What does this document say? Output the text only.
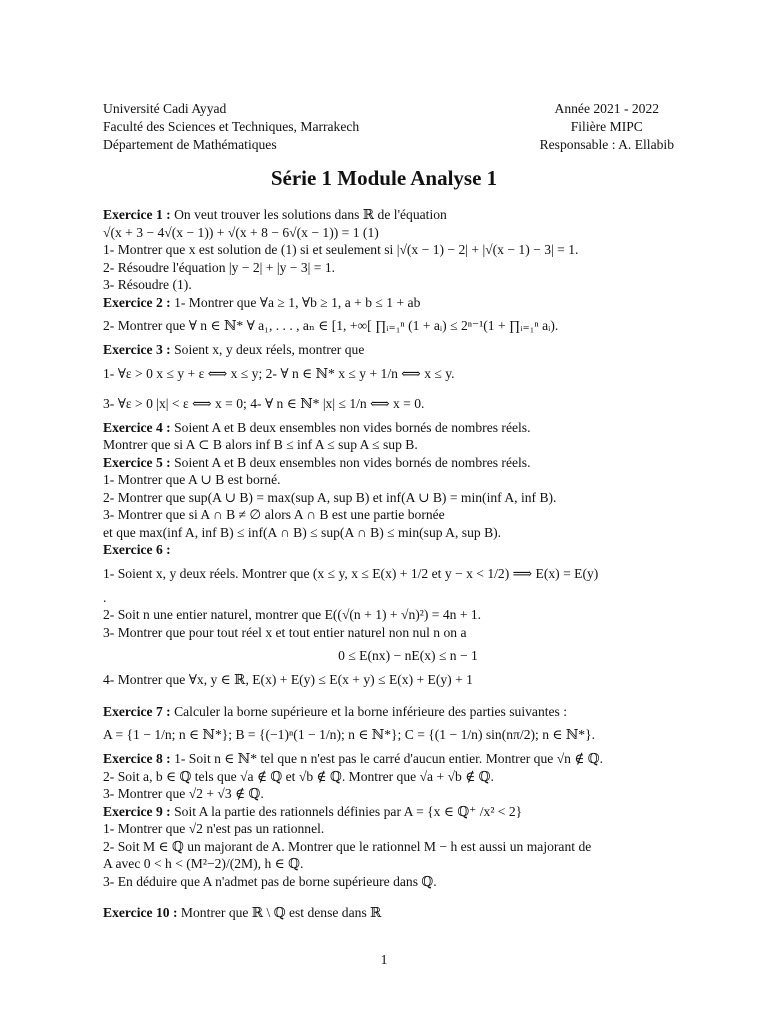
Université Cadi Ayyad
Faculté des Sciences et Techniques, Marrakech
Département de Mathématiques
Année 2021 - 2022
Filière MIPC
Responsable : A. Ellabib
Série 1 Module Analyse 1
Exercice 1 : On veut trouver les solutions dans ℝ de l'équation
√(x + 3 − 4√(x − 1)) + √(x + 8 − 6√(x − 1)) = 1 (1)
1- Montrer que x est solution de (1) si et seulement si |√(x − 1) − 2| + |√(x − 1) − 3| = 1.
2- Résoudre l'équation |y − 2| + |y − 3| = 1.
3- Résoudre (1).
Exercice 2 : 1- Montrer que ∀a ≥ 1, ∀b ≥ 1, a + b ≤ 1 + ab
2- Montrer que ∀ n ∈ ℕ* ∀ a₁, . . . , aₙ ∈ [1, +∞[ ∏ᵢ₌₁ⁿ (1 + aᵢ) ≤ 2ⁿ⁻¹(1 + ∏ᵢ₌₁ⁿ aᵢ).
Exercice 3 : Soient x, y deux réels, montrer que
1- ∀ε > 0 x ≤ y + ε ⟺ x ≤ y; 2- ∀ n ∈ ℕ* x ≤ y + 1/n ⟺ x ≤ y.
3- ∀ε > 0 |x| < ε ⟺ x = 0; 4- ∀ n ∈ ℕ* |x| ≤ 1/n ⟺ x = 0.
Exercice 4 : Soient A et B deux ensembles non vides bornés de nombres réels.
Montrer que si A ⊂ B alors inf B ≤ inf A ≤ sup A ≤ sup B.
Exercice 5 : Soient A et B deux ensembles non vides bornés de nombres réels.
1- Montrer que A ∪ B est borné.
2- Montrer que sup(A ∪ B) = max(sup A, sup B) et inf(A ∪ B) = min(inf A, inf B).
3- Montrer que si A ∩ B ≠ ∅ alors A ∩ B est une partie bornée
et que max(inf A, inf B) ≤ inf(A ∩ B) ≤ sup(A ∩ B) ≤ min(sup A, sup B).
Exercice 6 :
1- Soient x, y deux réels. Montrer que (x ≤ y, x ≤ E(x) + 1/2 et y − x < 1/2) ⟹ E(x) = E(y)
.
2- Soit n une entier naturel, montrer que E((√(n + 1) + √n)²) = 4n + 1.
3- Montrer que pour tout réel x et tout entier naturel non nul n on a
0 ≤ E(nx) − nE(x) ≤ n − 1
4- Montrer que ∀x, y ∈ ℝ, E(x) + E(y) ≤ E(x + y) ≤ E(x) + E(y) + 1
Exercice 7 : Calculer la borne supérieure et la borne inférieure des parties suivantes :
A = {1 − 1/n; n ∈ ℕ*}; B = {(−1)ⁿ(1 − 1/n); n ∈ ℕ*}; C = {(1 − 1/n) sin(nπ/2); n ∈ ℕ*}.
Exercice 8 : 1- Soit n ∈ ℕ* tel que n n'est pas le carré d'aucun entier. Montrer que √n ∉ ℚ.
2- Soit a, b ∈ ℚ tels que √a ∉ ℚ et √b ∉ ℚ. Montrer que √a + √b ∉ ℚ.
3- Montrer que √2 + √3 ∉ ℚ.
Exercice 9 : Soit A la partie des rationnels définies par A = {x ∈ ℚ⁺ /x² < 2}
1- Montrer que √2 n'est pas un rationnel.
2- Soit M ∈ ℚ un majorant de A. Montrer que le rationnel M − h est aussi un majorant de
A avec 0 < h < (M²−2)/(2M), h ∈ ℚ.
3- En déduire que A n'admet pas de borne supérieure dans ℚ.
Exercice 10 : Montrer que ℝ \ ℚ est dense dans ℝ
1
